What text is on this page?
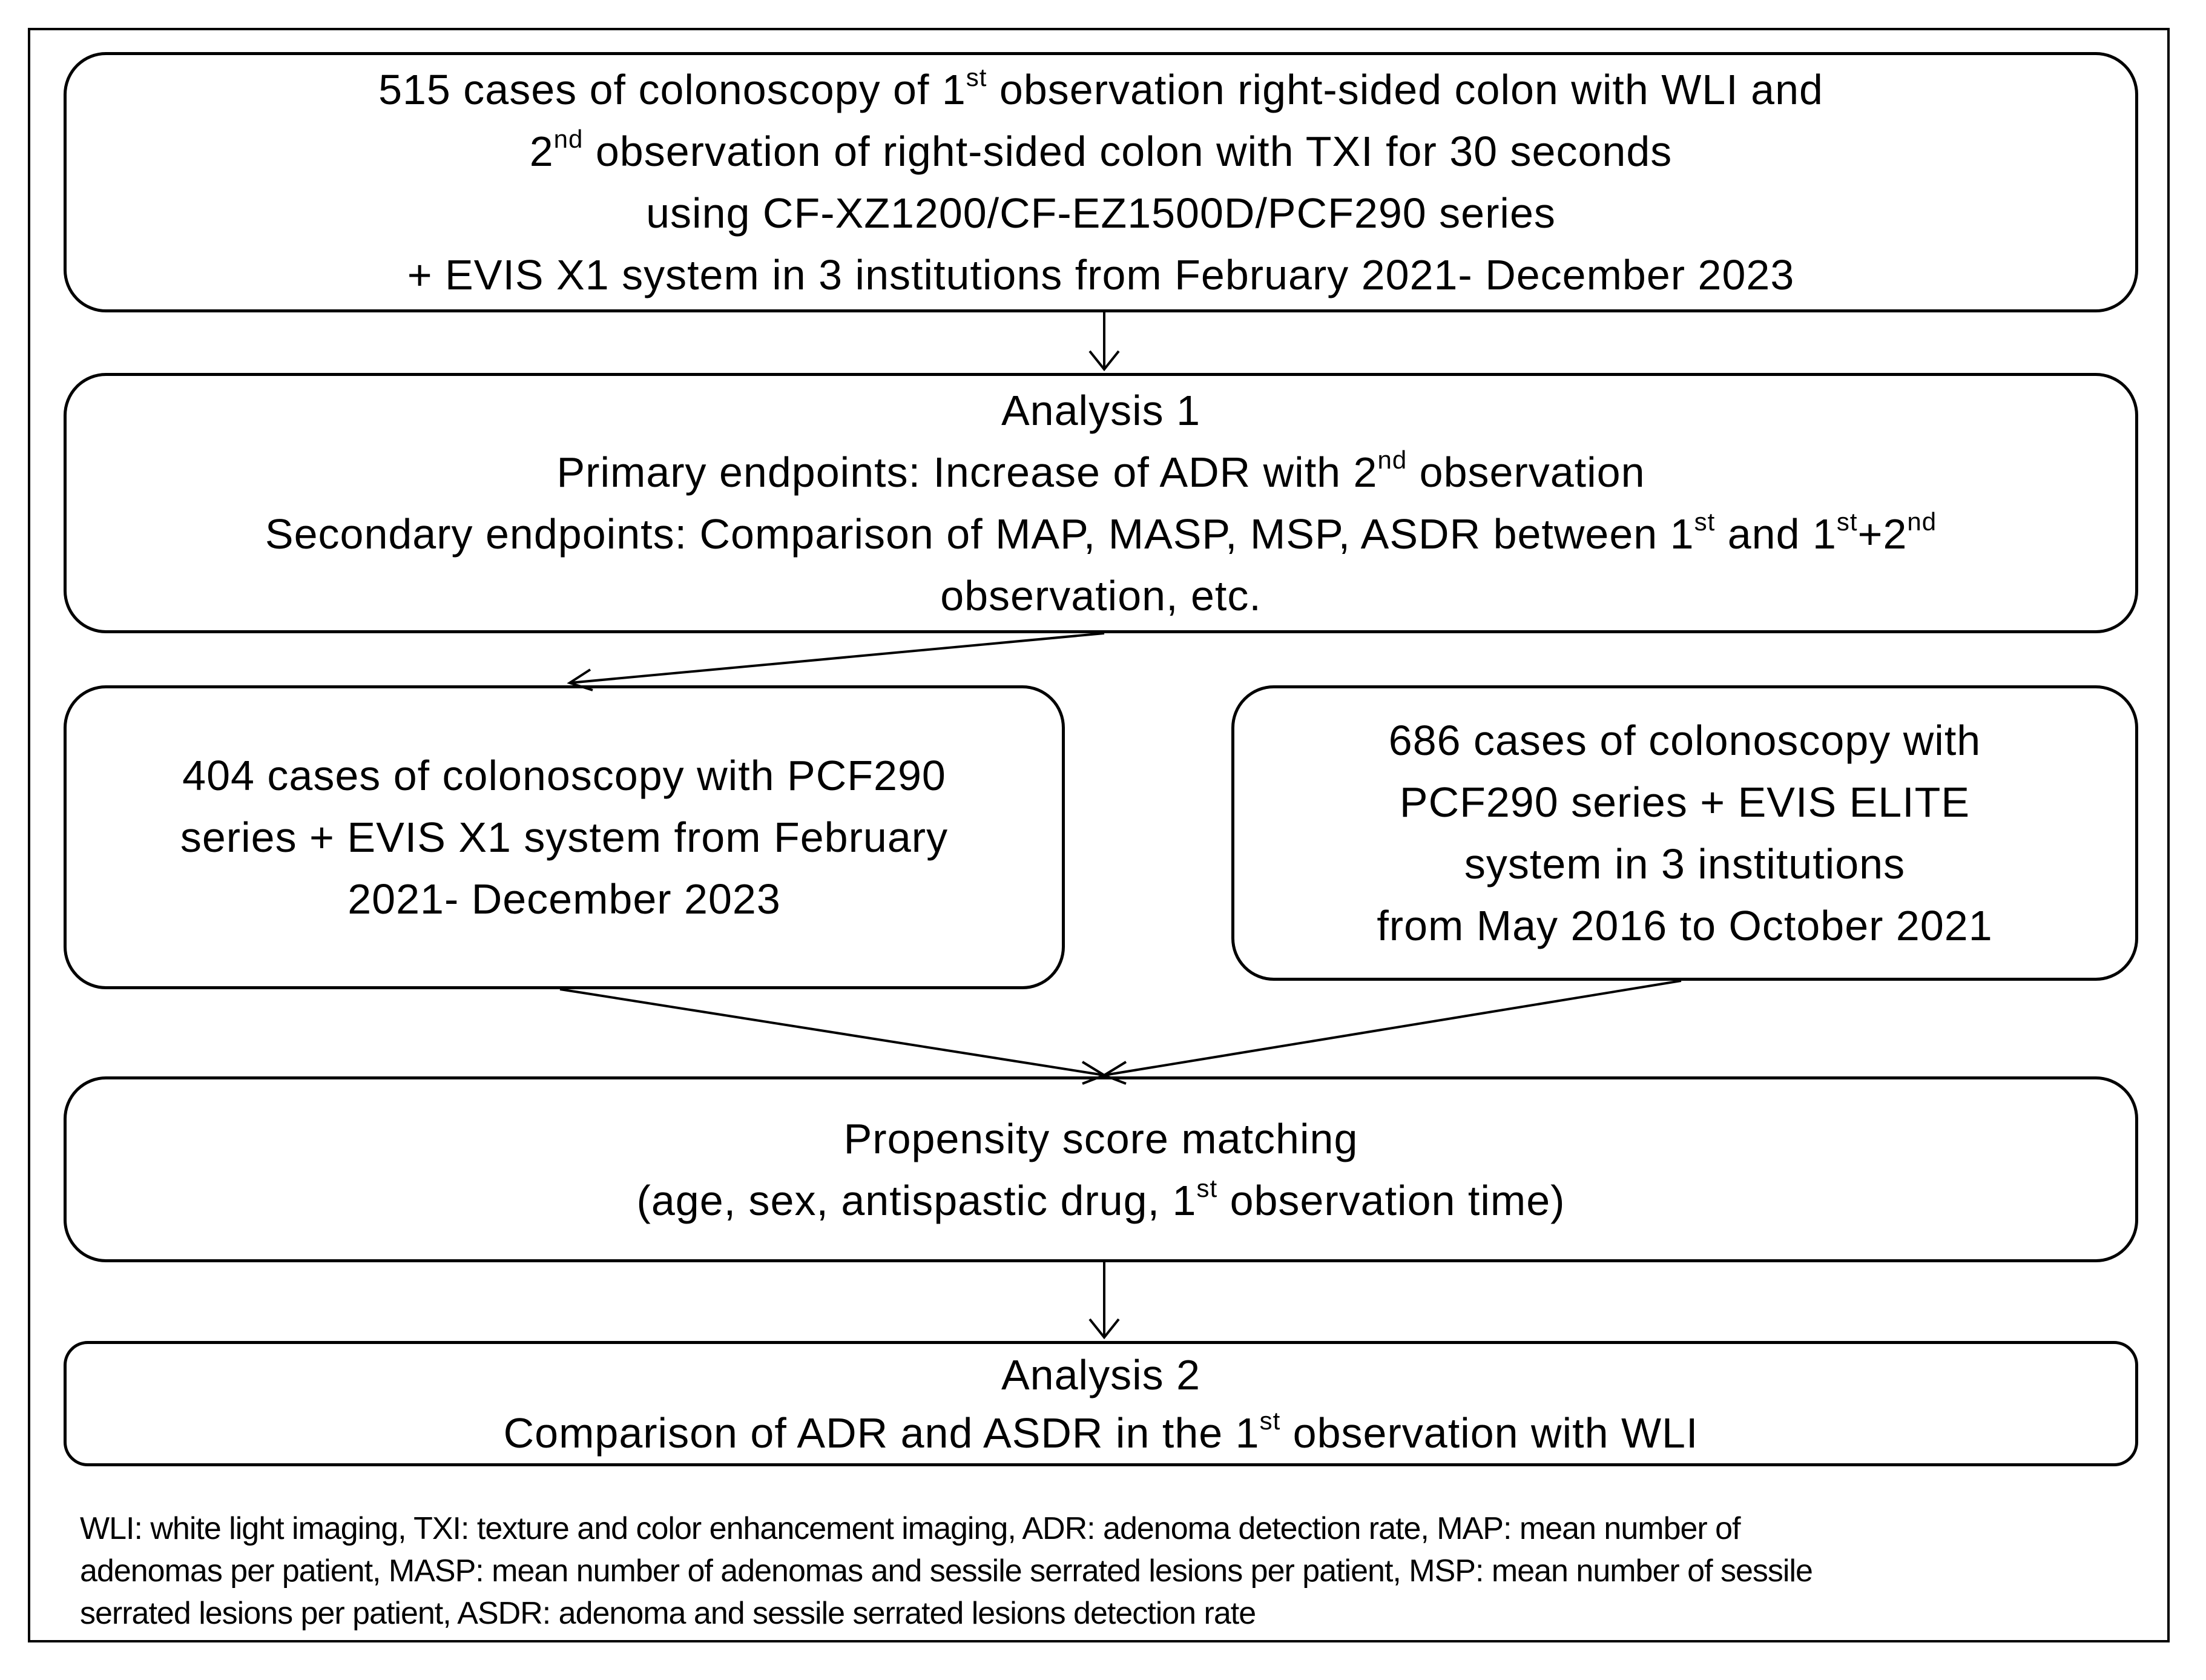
515 cases of colonoscopy of 1st observation right-sided colon with WLI and
2nd observation of right-sided colon with TXI for 30 seconds
using CF-XZ1200/CF-EZ1500D/PCF290 series
+ EVIS X1 system in 3 institutions from February 2021- December 2023
Analysis 1
Primary endpoints: Increase of ADR with 2nd observation
Secondary endpoints: Comparison of MAP, MASP, MSP, ASDR between 1st and 1st+2nd
observation, etc.
404 cases of colonoscopy with PCF290
series + EVIS X1 system from February
2021- December 2023
686 cases of colonoscopy with
PCF290 series + EVIS ELITE
system in 3 institutions
from May 2016 to October 2021
Propensity score matching
(age, sex, antispastic drug, 1st observation time)
Analysis 2
Comparison of ADR and ASDR in the 1st observation with WLI
WLI: white light imaging, TXI: texture and color enhancement imaging, ADR: adenoma detection rate, MAP: mean number of
adenomas per patient, MASP: mean number of adenomas and sessile serrated lesions per patient, MSP: mean number of sessile
serrated lesions per patient, ASDR: adenoma and sessile serrated lesions detection rate
